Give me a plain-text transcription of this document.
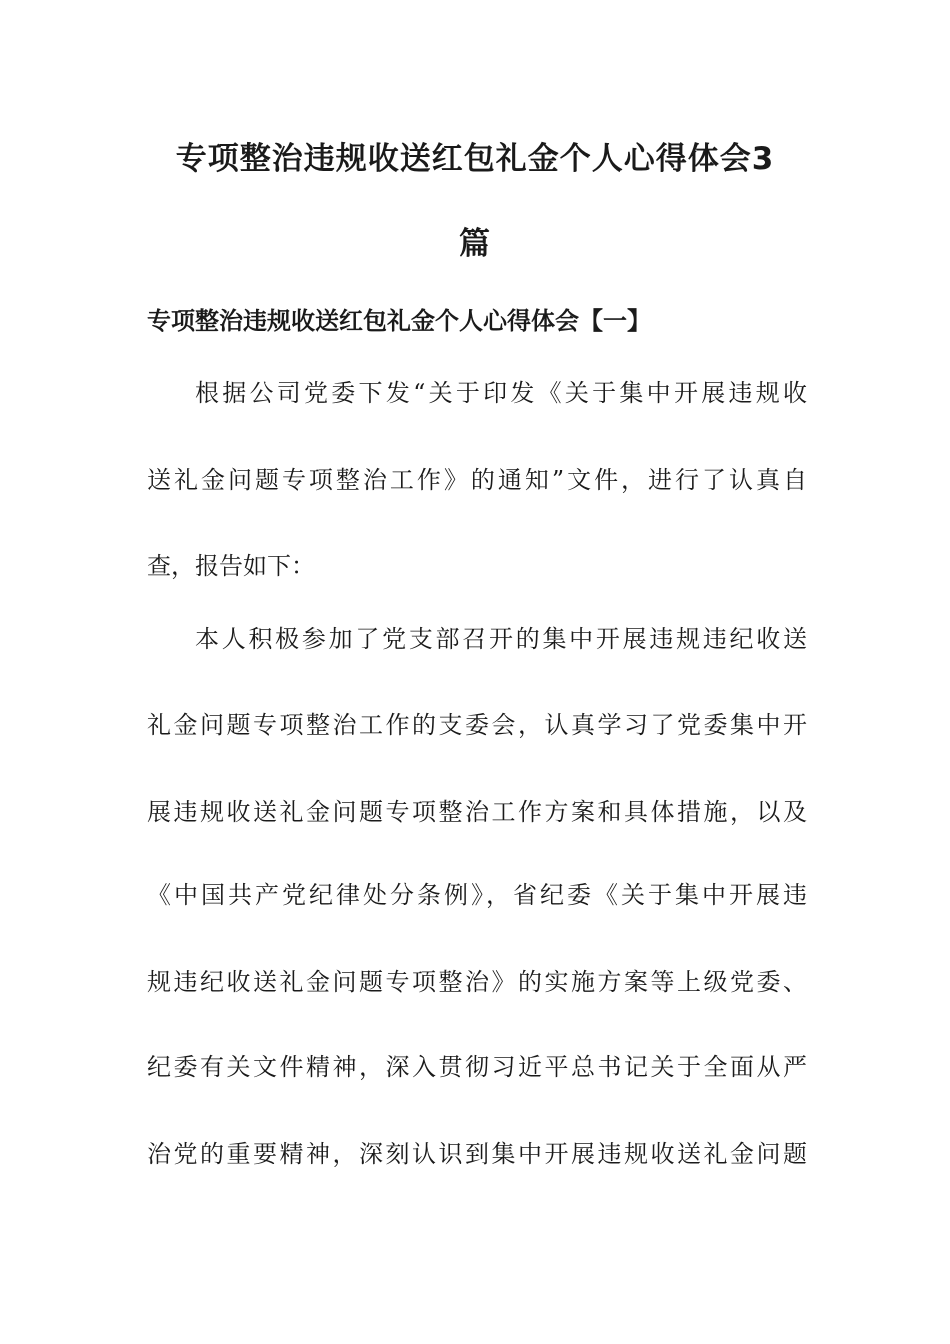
专项整治违规收送红包礼金个人心得体会3
篇
专项整治违规收送红包礼金个人心得体会【一】
根据公司党委下发“关于印发《关于集中开展违规收
送礼金问题专项整治工作》的通知”文件，进行了认真自
查，报告如下：
本人积极参加了党支部召开的集中开展违规违纪收送
礼金问题专项整治工作的支委会，认真学习了党委集中开
展违规收送礼金问题专项整治工作方案和具体措施，以及
《中国共产党纪律处分条例》，省纪委《关于集中开展违
规违纪收送礼金问题专项整治》的实施方案等上级党委、
纪委有关文件精神，深入贯彻习近平总书记关于全面从严
治党的重要精神，深刻认识到集中开展违规收送礼金问题
